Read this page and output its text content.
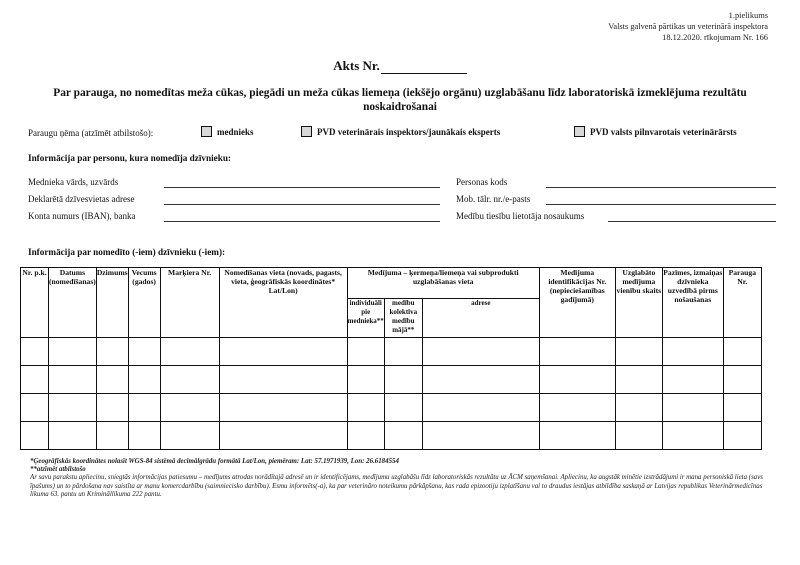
1.pielikums
Valsts galvenā pārtikas un veterinārā inspektora
18.12.2020. rīkojumam Nr. 166
Akts Nr.
Par parauga, no nomedītas meža cūkas, piegādi un meža cūkas liemeņa (iekšējo orgānu) uzglabāšanu līdz laboratoriskā izmeklējuma rezultātu noskaidrošanai
Paraugu ņēma (atzīmēt atbilstošo):	mednieks	PVD veterinārais inspektors/jaunākais eksperts	PVD valsts pilnvarotais veterinārārsts
Informācija par personu, kura nomedīja dzīvnieku:
Mednieka vārds, uzvārds	Personas kods
Deklarētā dzīvesvietas adrese	Mob. tālr. nr./e-pasts
Konta numurs (IBAN), banka	Medību tiesību lietotāja nosaukums
Informācija par nomedīto (-iem) dzīvnieku (-iem):
Nr. p.k.	Datums (nomedīšanas)	Dzimums	Vecums (gados)	Marķiera Nr.	Nomedīšanas vieta (novads, pagasts, vieta, ģeogrāfiskās koordinātes* Lat/Lon)	Medījuma – ķermeņa/liemeņa vai subprodukti uzglabāšanas vieta			Medījuma identifikācijas Nr. (nepieciešamības gadījumā)	Uzglabāto medījuma vienību skaits	Pazīmes, izmaiņas dzīvnieka uzvedībā pirms nošaušanas	Parauga Nr.
						individuāli pie mednieka**	medību kolektīva medību mājā**	adrese				

*Ģeogrāfiskās koordinātes nolasīt WGS-84 sistēmā decimālgrādu formātā Lat/Lon, piemēram: Lat: 57.1971939, Lon: 26.6184554
**atzīmēt atbilstošo
Ar savu parakstu apliecinu, sniegtās informācijas patiesumu – medījums atrodas norādītajā adresē un ir identificējams, medījumu uzglabāšu līdz laboratoriskās rezultātu uz ĀCM saņemšanai. Apliecinu, ka augstāk minētie izstrādājumi ir mana personiskā lieta (savs īpašums) un to pārdošana nav saistīta ar manu komercdarbību (saimniecisko darbību). Esmu informēts(-a), ka par veterināro noteikumu pārkāpšanu, kas rada epizootiju izplatīšanu vai to draudus iestājas atbildība saskaņā ar Latvijas republikas Veterinārmedicīnas likuma 63. pantu un Krimināllikuma 222 pantu.
